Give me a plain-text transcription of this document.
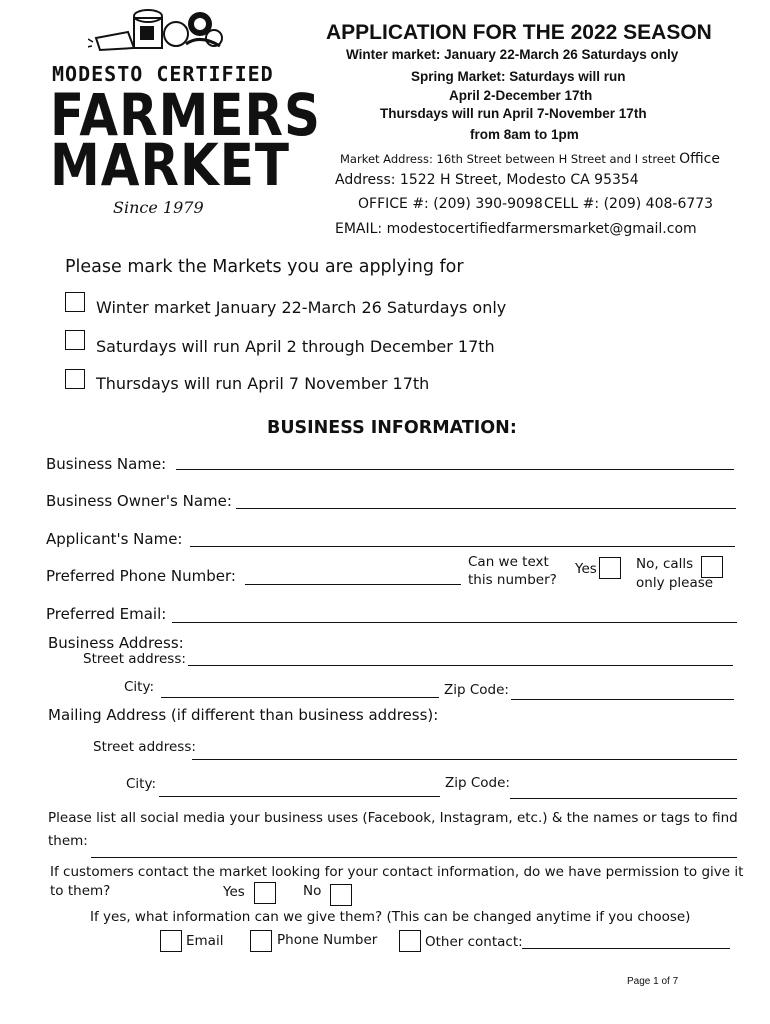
MODESTO CERTIFIED
FARMERS
MARKET
Since 1979
APPLICATION FOR THE 2022 SEASON
Winter market: January 22-March 26 Saturdays only
Spring Market: Saturdays will run
April 2-December 17th
Thursdays will run April 7-November 17th
from 8am to 1pm
Market Address: 16th Street between H Street and I street Office
Address: 1522 H Street, Modesto CA 95354
OFFICE #: (209) 390-9098 CELL #: (209) 408-6773
EMAIL: modestocertifiedfarmersmarket@gmail.com
Please mark the Markets you are applying for
Winter market January 22-March 26 Saturdays only
Saturdays will run April 2 through December 17th
Thursdays will run April 7 November 17th
BUSINESS INFORMATION:
Business Name:
Business Owner's Name:
Applicant's Name:
Preferred Phone Number:
Can we text
this number?
Yes	No, calls
only please
Preferred Email:
Business Address:
Street address:
City:	Zip Code:
Mailing Address (if different than business address):
Street address:
City:	Zip Code:
Please list all social media your business uses (Facebook, Instagram, etc.) & the names or tags to find
them:
If customers contact the market looking for your contact information, do we have permission to give it
to them?	Yes	No
If yes, what information can we give them? (This can be changed anytime if you choose)
Email	Phone Number	Other contact:
Page 1 of 7
